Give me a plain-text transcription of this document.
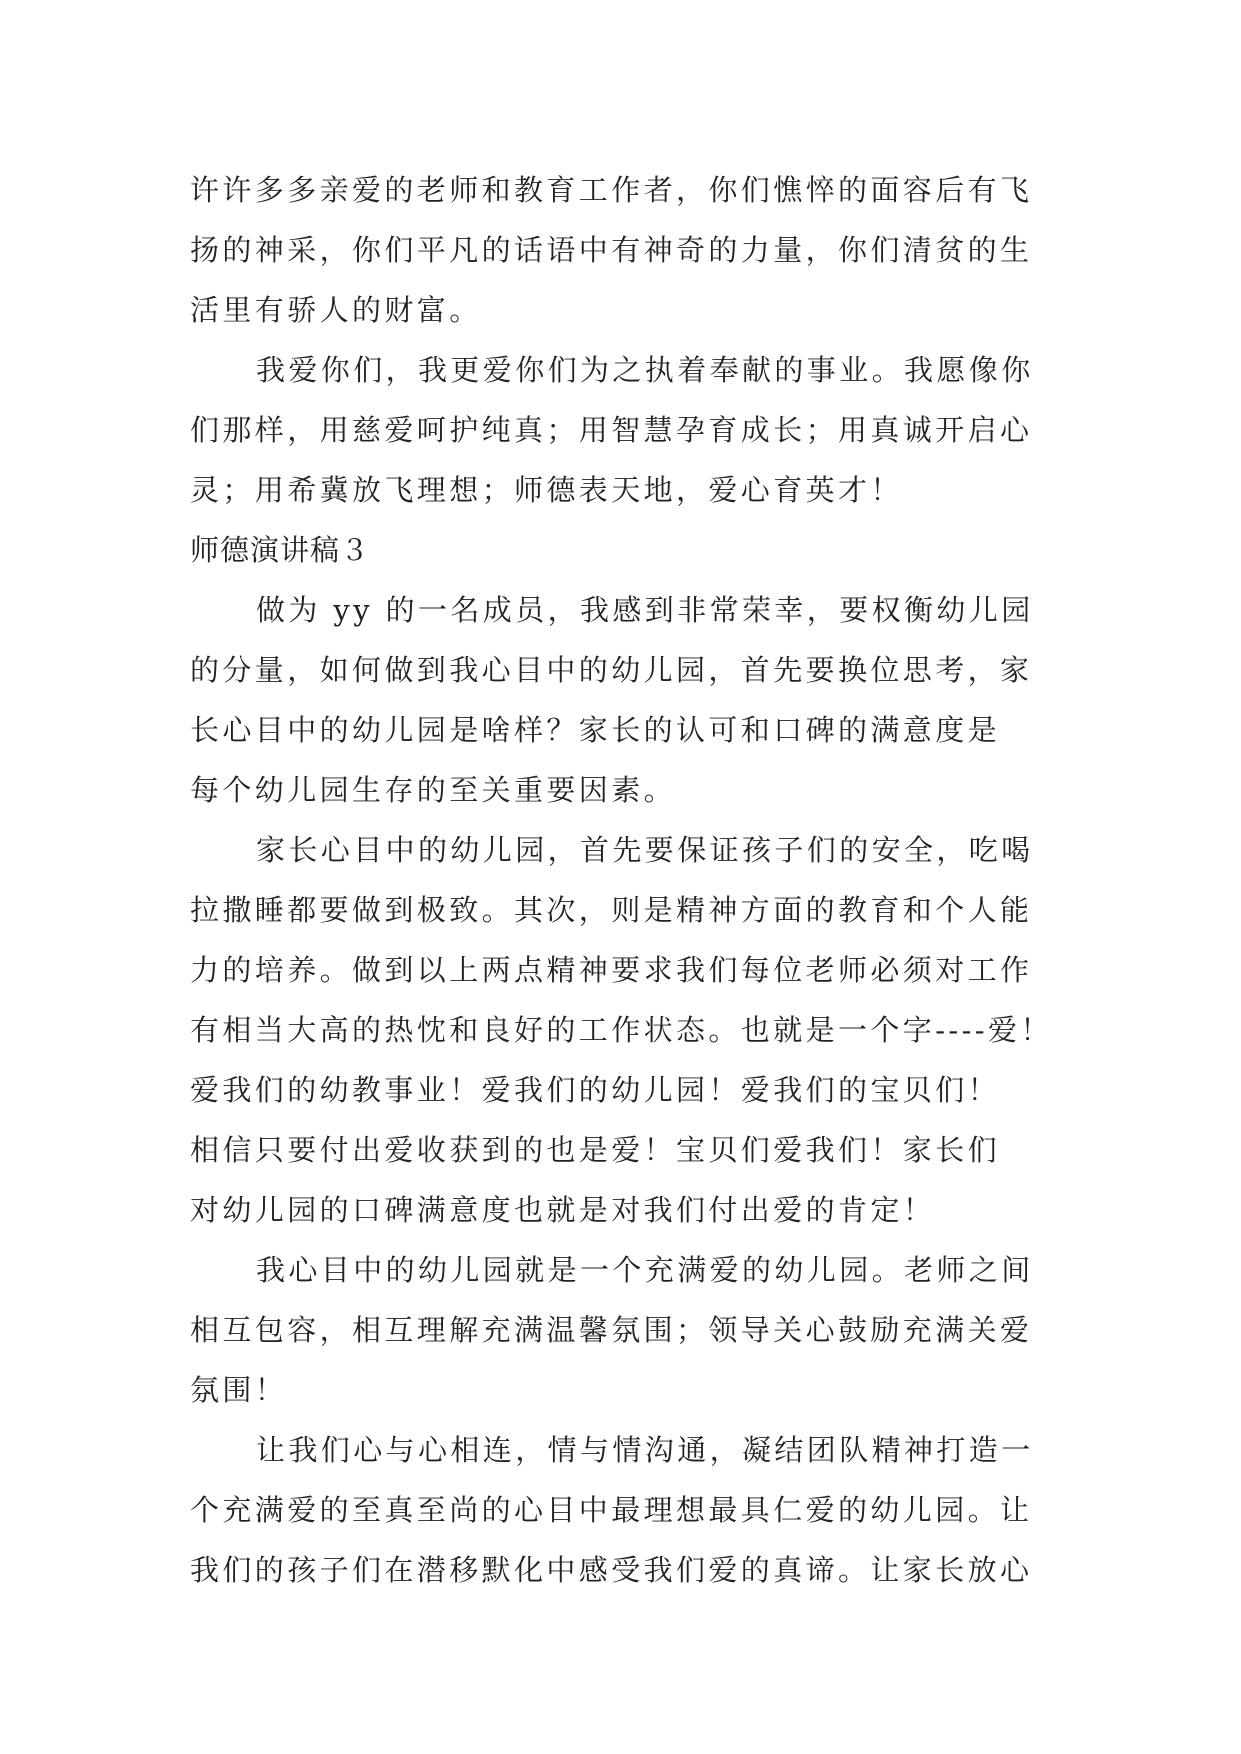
许许多多亲爱的老师和教育工作者，你们憔悴的面容后有飞
扬的神采，你们平凡的话语中有神奇的力量，你们清贫的生
活里有骄人的财富。
我爱你们，我更爱你们为之执着奉献的事业。我愿像你
们那样，用慈爱呵护纯真；用智慧孕育成长；用真诚开启心
灵；用希冀放飞理想；师德表天地，爱心育英才！
师德演讲稿３
做为 yy 的一名成员，我感到非常荣幸，要权衡幼儿园
的分量，如何做到我心目中的幼儿园，首先要换位思考，家
长心目中的幼儿园是啥样？家长的认可和口碑的满意度是
每个幼儿园生存的至关重要因素。
家长心目中的幼儿园，首先要保证孩子们的安全，吃喝
拉撒睡都要做到极致。其次，则是精神方面的教育和个人能
力的培养。做到以上两点精神要求我们每位老师必须对工作
有相当大高的热忱和良好的工作状态。也就是一个字----爱！
爱我们的幼教事业！爱我们的幼儿园！爱我们的宝贝们！
相信只要付出爱收获到的也是爱！宝贝们爱我们！家长们
对幼儿园的口碑满意度也就是对我们付出爱的肯定！
我心目中的幼儿园就是一个充满爱的幼儿园。老师之间
相互包容，相互理解充满温馨氛围；领导关心鼓励充满关爱
氛围！
让我们心与心相连，情与情沟通，凝结团队精神打造一
个充满爱的至真至尚的心目中最理想最具仁爱的幼儿园。让
我们的孩子们在潜移默化中感受我们爱的真谛。让家长放心
